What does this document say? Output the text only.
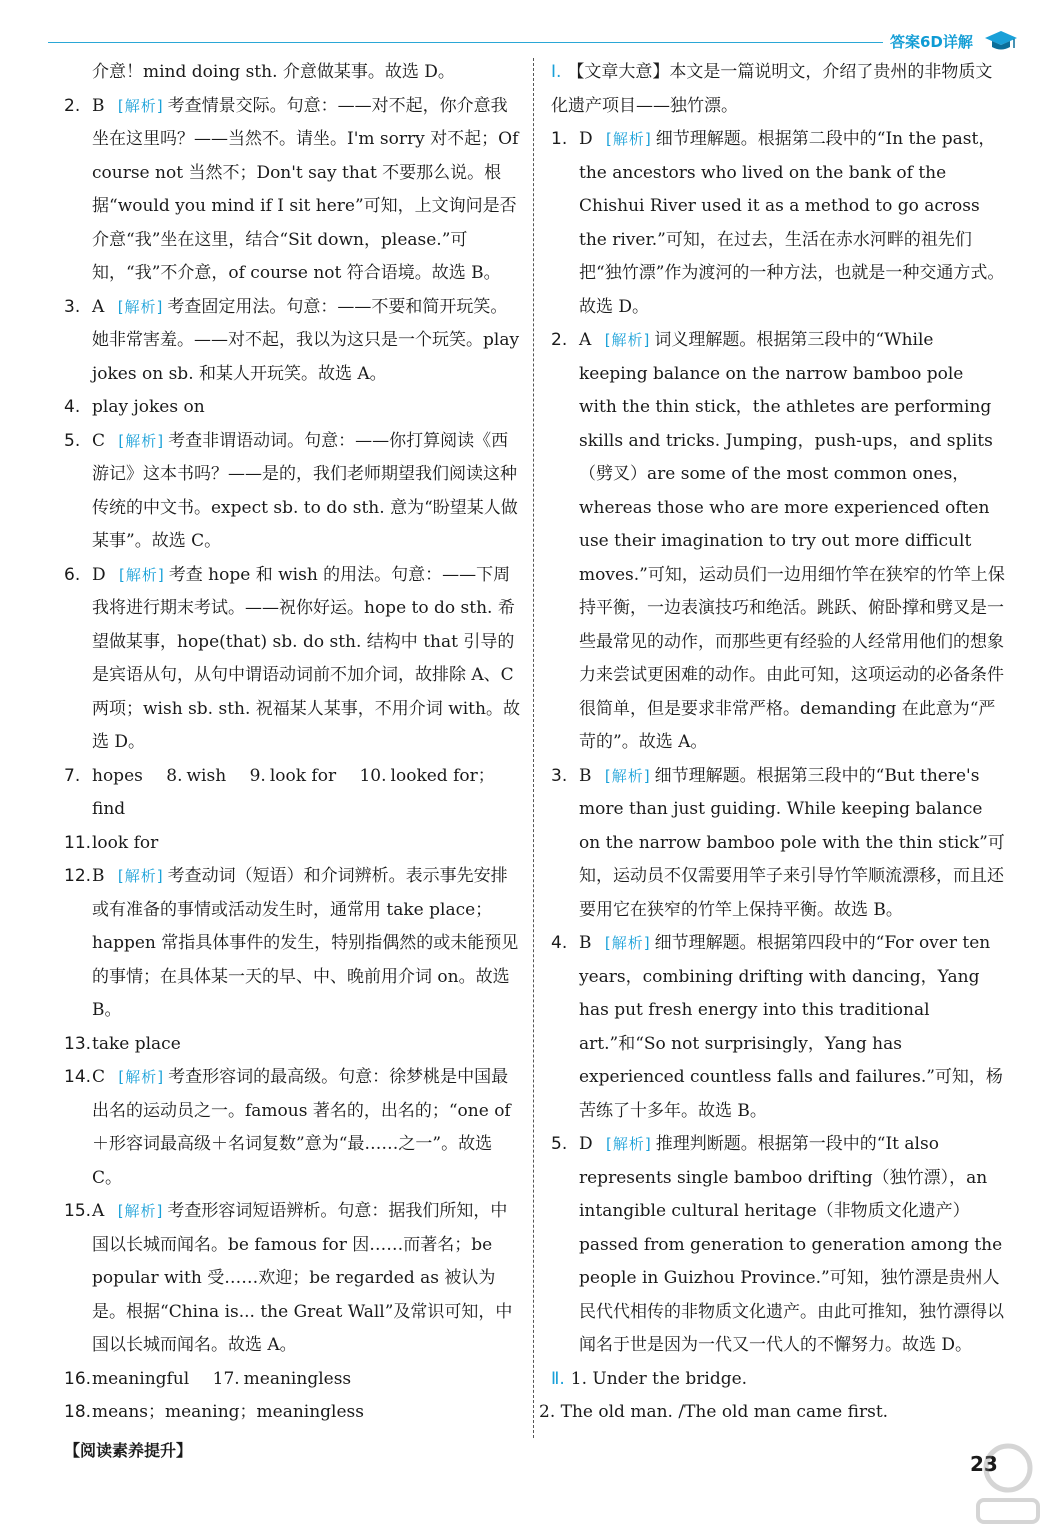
答案6D详解
介意！mind doing sth. 介意做某事。故选 D。
2. B [解析] 考查情景交际。句意：——对不起，你介意我坐在这里吗？——当然不。请坐。I'm sorry 对不起；Of course not 当然不；Don't say that 不要那么说。根据“would you mind if I sit here”可知，上文询问是否介意“我”坐在这里，结合“Sit down，please.”可知，“我”不介意，of course not 符合语境。故选 B。
3. A [解析] 考查固定用法。句意：——不要和简开玩笑。她非常害羞。——对不起，我以为这只是一个玩笑。play jokes on sb. 和某人开玩笑。故选 A。
4. play jokes on
5. C [解析] 考查非谓语动词。句意：——你打算阅读《西游记》这本书吗？——是的，我们老师期望我们阅读这种传统的中文书。expect sb. to do sth. 意为“盼望某人做某事”。故选 C。
6. D [解析] 考查 hope 和 wish 的用法。句意：——下周我将进行期末考试。——祝你好运。hope to do sth. 希望做某事，hope(that) sb. do sth. 结构中 that 引导的是宾语从句，从句中谓语动词前不加介词，故排除 A、C 两项；wish sb. sth. 祝福某人某事，不用介词 with。故选 D。
7. hopes 8. wish 9. look for 10. looked for；find
11. look for
12. B [解析] 考查动词（短语）和介词辨析。表示事先安排或有准备的事情或活动发生时，通常用 take place；happen 常指具体事件的发生，特别指偶然的或未能预见的事情；在具体某一天的早、中、晚前用介词 on。故选 B。
13. take place
14. C [解析] 考查形容词的最高级。句意：徐梦桃是中国最出名的运动员之一。famous 著名的，出名的；“one of＋形容词最高级＋名词复数”意为“最……之一”。故选 C。
15. A [解析] 考查形容词短语辨析。句意：据我们所知，中国以长城而闻名。be famous for 因……而著名；be popular with 受……欢迎；be regarded as 被认为是。根据“China is... the Great Wall”及常识可知，中国以长城而闻名。故选 A。
16. meaningful 17. meaningless
18. means；meaning；meaningless
【阅读素养提升】
Ⅰ. 【文章大意】本文是一篇说明文，介绍了贵州的非物质文化遗产项目——独竹漂。
1. D [解析] 细节理解题。根据第二段中的“In the past，the ancestors who lived on the bank of the Chishui River used it as a method to go across the river.”可知，在过去，生活在赤水河畔的祖先们把“独竹漂”作为渡河的一种方法，也就是一种交通方式。故选 D。
2. A [解析] 词义理解题。根据第三段中的“While keeping balance on the narrow bamboo pole with the thin stick，the athletes are performing skills and tricks. Jumping，push-ups，and splits（劈叉）are some of the most common ones，whereas those who are more experienced often use their imagination to try out more difficult moves.”可知，运动员们一边用细竹竿在狭窄的竹竿上保持平衡，一边表演技巧和绝活。跳跃、俯卧撑和劈叉是一些最常见的动作，而那些更有经验的人经常用他们的想象力来尝试更困难的动作。由此可知，这项运动的必备条件很简单，但是要求非常严格。demanding 在此意为“严苛的”。故选 A。
3. B [解析] 细节理解题。根据第三段中的“But there's more than just guiding. While keeping balance on the narrow bamboo pole with the thin stick”可知，运动员不仅需要用竿子来引导竹竿顺流漂移，而且还要用它在狭窄的竹竿上保持平衡。故选 B。
4. B [解析] 细节理解题。根据第四段中的“For over ten years，combining drifting with dancing，Yang has put fresh energy into this traditional art.”和“So not surprisingly，Yang has experienced countless falls and failures.”可知，杨苦练了十多年。故选 B。
5. D [解析] 推理判断题。根据第一段中的“It also represents single bamboo drifting（独竹漂），an intangible cultural heritage（非物质文化遗产）passed from generation to generation among the people in Guizhou Province.”可知，独竹漂是贵州人民代代相传的非物质文化遗产。由此可推知，独竹漂得以闻名于世是因为一代又一代人的不懈努力。故选 D。
Ⅱ. 1. Under the bridge.
2. The old man. /The old man came first.
23
